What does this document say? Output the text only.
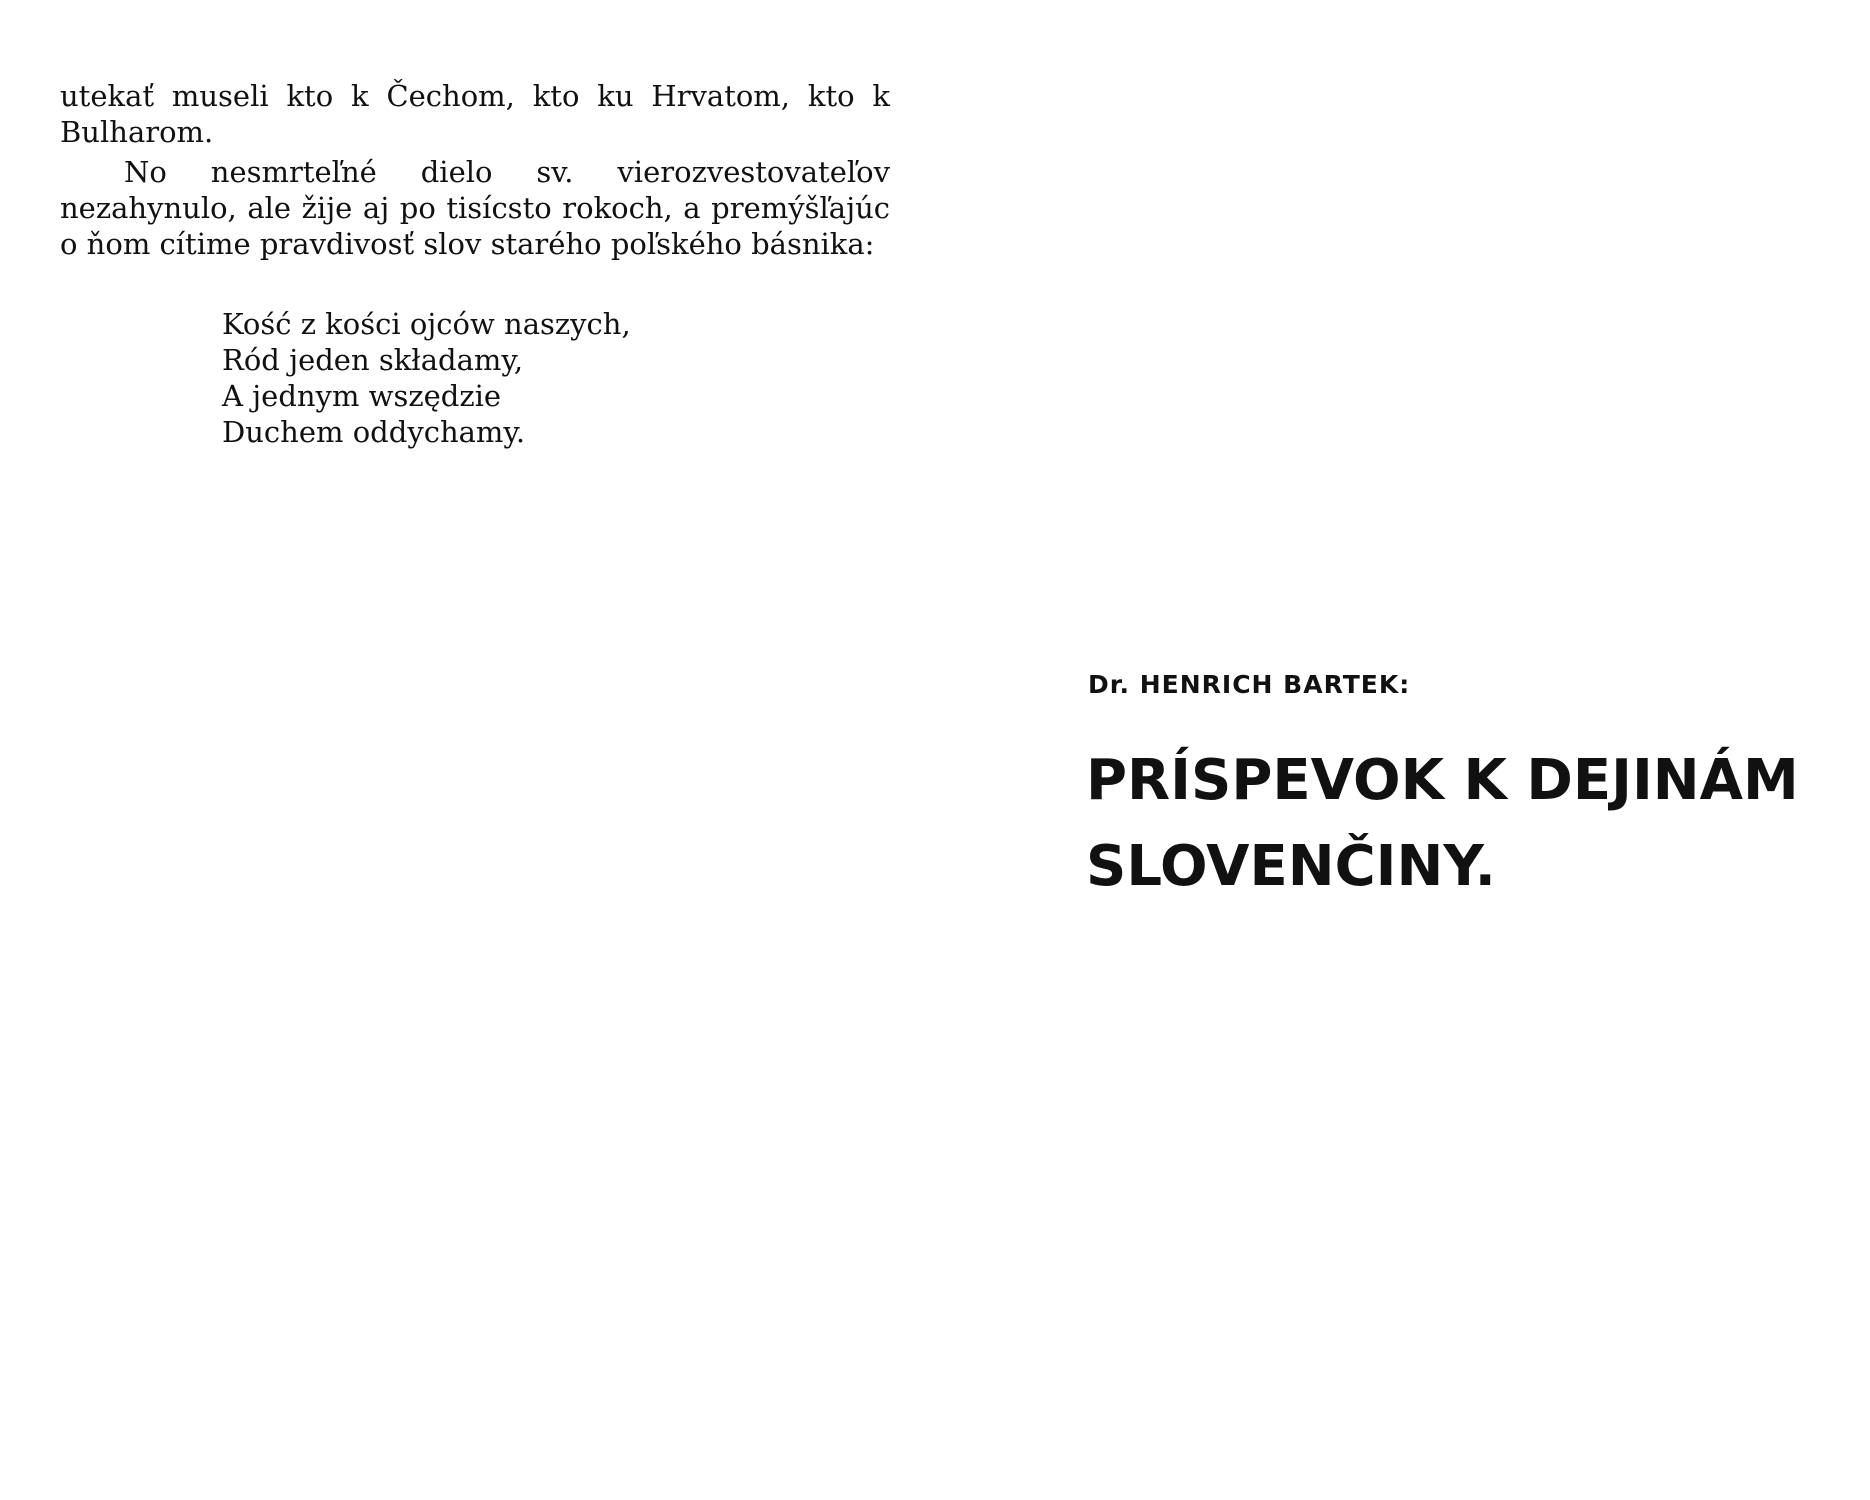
utekať museli kto k Čechom, kto ku Hrvatom, kto k Bulharom.

No nesmrteľné dielo sv. vierozvestovateľov nezahynulo, ale žije aj po tisícsto rokoch, a premýšľajúc o ňom cítime pravdivosť slov starého poľského básnika:

Kość z kości ojców naszych,
Ród jeden składamy,
A jednym wszędzie
Duchem oddychamy.
Dr. HENRICH BARTEK:
PRÍSPEVOK K DEJINÁM
SLOVENČINY.
